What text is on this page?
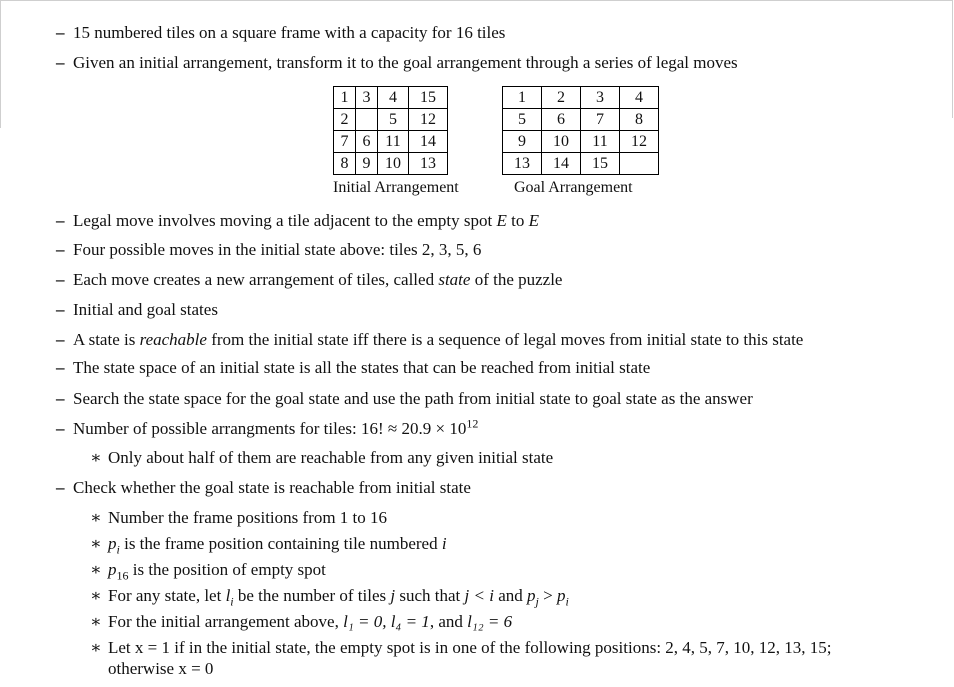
– 15 numbered tiles on a square frame with a capacity for 16 tiles
– Given an initial arrangement, transform it to the goal arrangement through a series of legal moves
1	3	4	15
2		5	12
7	6	11	14
8	9	10	13
Initial Arrangement
1	2	3	4
5	6	7	8
9	10	11	12
13	14	15	
Goal Arrangement
– Legal move involves moving a tile adjacent to the empty spot E to E
– Four possible moves in the initial state above: tiles 2, 3, 5, 6
– Each move creates a new arrangement of tiles, called state of the puzzle
– Initial and goal states
– A state is reachable from the initial state iff there is a sequence of legal moves from initial state to this state
– The state space of an initial state is all the states that can be reached from initial state
– Search the state space for the goal state and use the path from initial state to goal state as the answer
– Number of possible arrangments for tiles: 16! ≈ $20.9 \times 10^{12}$
∗ Only about half of them are reachable from any given initial state
– Check whether the goal state is reachable from initial state
∗ Number the frame positions from 1 to 16
∗ $p_i$ is the frame position containing tile numbered i
∗ $p_{16}$ is the position of empty spot
∗ For any state, let $l_i$ be the number of tiles j such that j < i and $p_j > p_i$
∗ For the initial arrangement above, l₁ = 0, l₄ = 1, and l₁₂ = 6
∗ Let x = 1 if in the initial state, the empty spot is in one of the following positions: 2, 4, 5, 7, 10, 12, 13, 15;
otherwise x = 0
